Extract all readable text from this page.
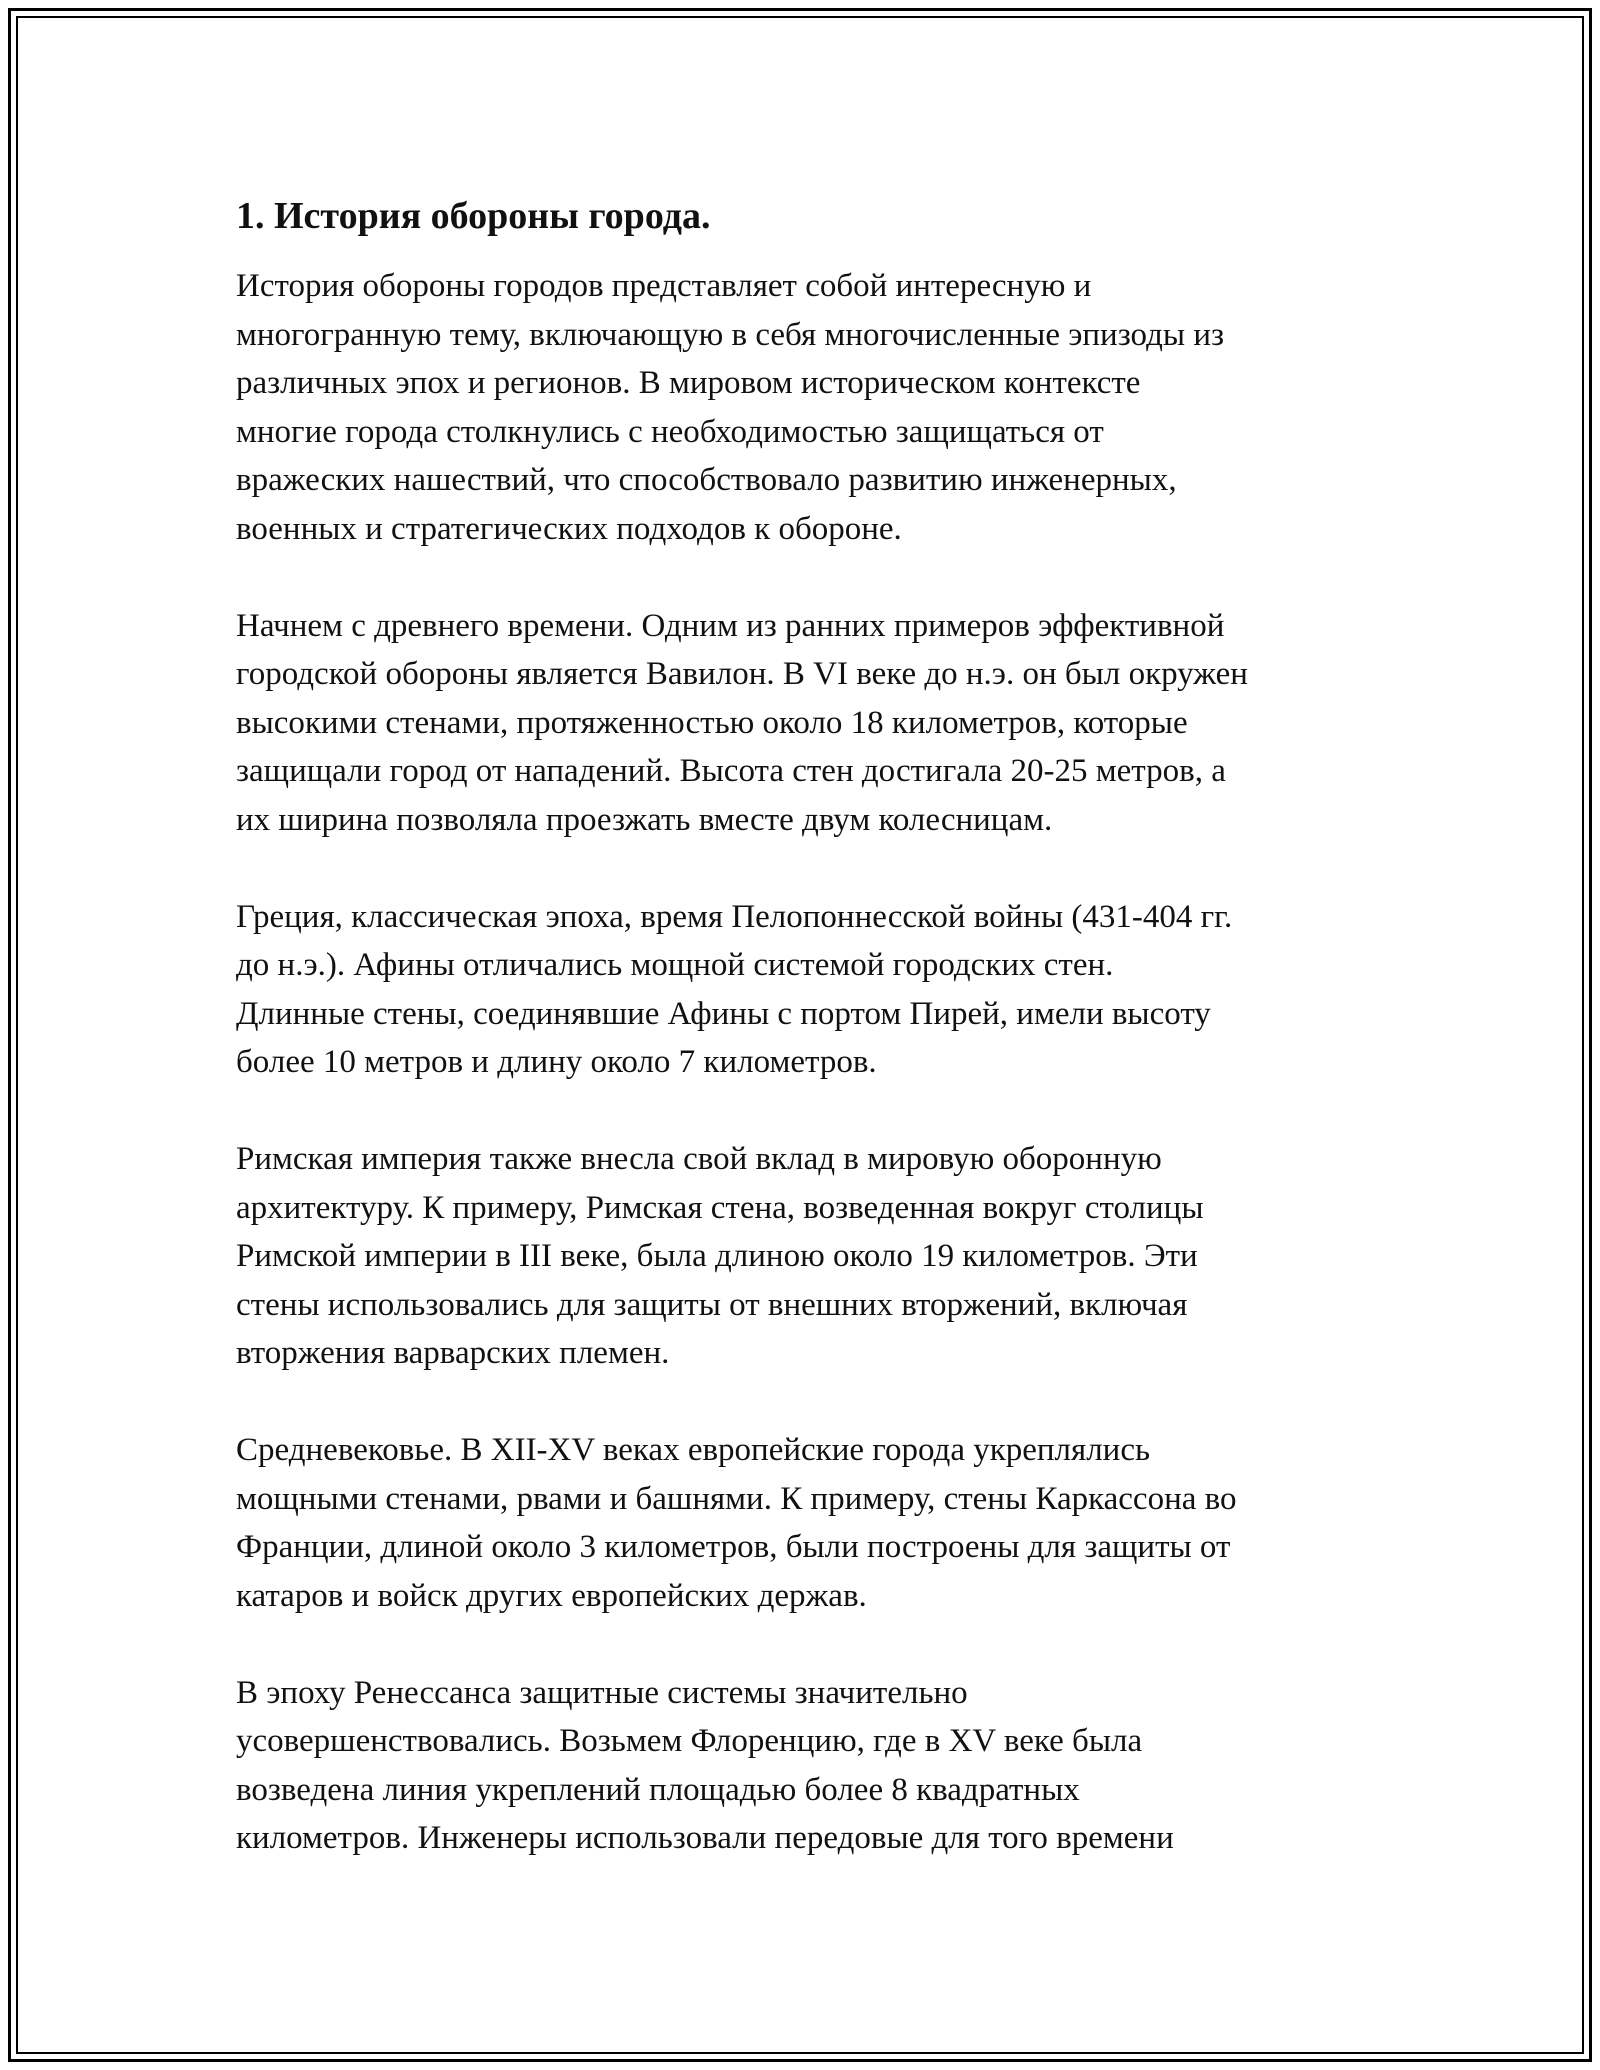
1. История обороны города.

История обороны городов представляет собой интересную и
многогранную тему, включающую в себя многочисленные эпизоды из
различных эпох и регионов. В мировом историческом контексте
многие города столкнулись с необходимостью защищаться от
вражеских нашествий, что способствовало развитию инженерных,
военных и стратегических подходов к обороне.

Начнем с древнего времени. Одним из ранних примеров эффективной
городской обороны является Вавилон. В VI веке до н.э. он был окружен
высокими стенами, протяженностью около 18 километров, которые
защищали город от нападений. Высота стен достигала 20-25 метров, а
их ширина позволяла проезжать вместе двум колесницам.

Греция, классическая эпоха, время Пелопоннесской войны (431-404 гг.
до н.э.). Афины отличались мощной системой городских стен.
Длинные стены, соединявшие Афины с портом Пирей, имели высоту
более 10 метров и длину около 7 километров.

Римская империя также внесла свой вклад в мировую оборонную
архитектуру. К примеру, Римская стена, возведенная вокруг столицы
Римской империи в III веке, была длиною около 19 километров. Эти
стены использовались для защиты от внешних вторжений, включая
вторжения варварских племен.

Средневековье. В XII-XV веках европейские города укреплялись
мощными стенами, рвами и башнями. К примеру, стены Каркассона во
Франции, длиной около 3 километров, были построены для защиты от
катаров и войск других европейских держав.

В эпоху Ренессанса защитные системы значительно
усовершенствовались. Возьмем Флоренцию, где в XV веке была
возведена линия укреплений площадью более 8 квадратных
километров. Инженеры использовали передовые для того времени
